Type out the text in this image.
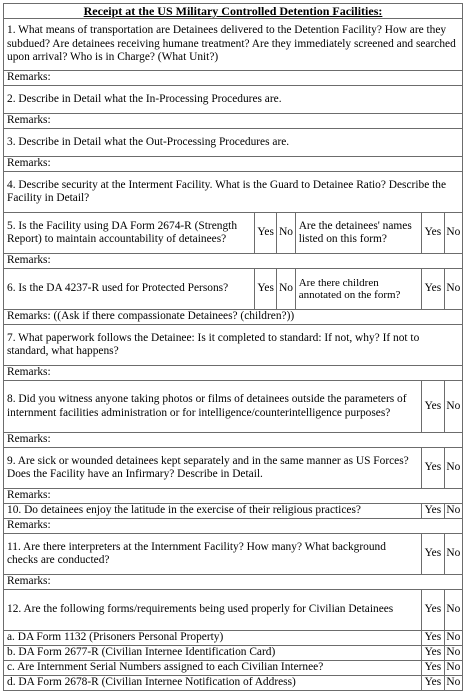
Receipt at the US Military Controlled Detention Facilities:					
1. What means of transportation are Detainees delivered to the Detention Facility? How are they subdued? Are detainees receiving humane treatment? Are they immediately screened and searched upon arrival? Who is in Charge? (What Unit?)					
Remarks:					
2. Describe in Detail what the In-Processing Procedures are.					
Remarks:					
3. Describe in Detail what the Out-Processing Procedures are.					
Remarks:					
4. Describe security at the Interment Facility. What is the Guard to Detainee Ratio? Describe the Facility in Detail?					
5. Is the Facility using DA Form 2674-R (Strength Report) to maintain accountability of detainees?	Yes	No	Are the detainees' names listed on this form?	Yes	No
Remarks:					
6. Is the DA 4237-R used for Protected Persons?	Yes	No	Are there children annotated on the form?	Yes	No
Remarks: ((Ask if there compassionate Detainees? (children?))					
7. What paperwork follows the Detainee: Is it completed to standard: If not, why? If not to standard, what happens?					
Remarks:					
8. Did you witness anyone taking photos or films of detainees outside the parameters of internment facilities administration or for intelligence/counterintelligence purposes?				Yes	No
Remarks:					
9. Are sick or wounded detainees kept separately and in the same manner as US Forces? Does the Facility have an Infirmary? Describe in Detail.				Yes	No
Remarks:					
10. Do detainees enjoy the latitude in the exercise of their religious practices?				Yes	No
Remarks:					
11. Are there interpreters at the Internment Facility? How many? What background checks are conducted?				Yes	No
Remarks:					
12. Are the following forms/requirements being used properly for Civilian Detainees				Yes	No
a. DA Form 1132 (Prisoners Personal Property)				Yes	No
b. DA Form 2677-R (Civilian Internee Identification Card)				Yes	No
c. Are Internment Serial Numbers assigned to each Civilian Internee?				Yes	No
d. DA Form 2678-R (Civilian Internee Notification of Address)				Yes	No
